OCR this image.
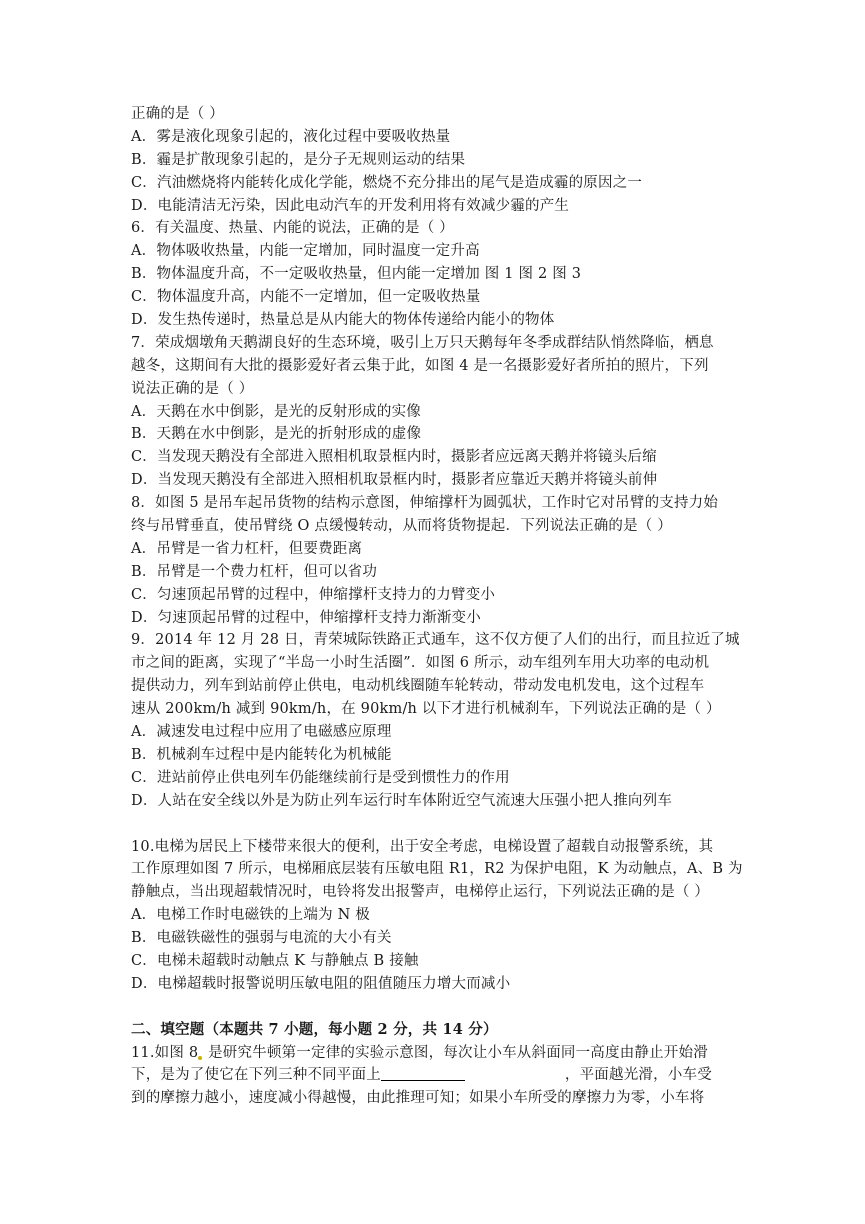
正确的是（ ）
A．雾是液化现象引起的，液化过程中要吸收热量
B．霾是扩散现象引起的，是分子无规则运动的结果
C．汽油燃烧将内能转化成化学能，燃烧不充分排出的尾气是造成霾的原因之一
D．电能清洁无污染，因此电动汽车的开发利用将有效减少霾的产生
6．有关温度、热量、内能的说法，正确的是（ ）
A．物体吸收热量，内能一定增加，同时温度一定升高
B．物体温度升高，不一定吸收热量，但内能一定增加 图 1 图 2 图 3
C．物体温度升高，内能不一定增加，但一定吸收热量
D．发生热传递时，热量总是从内能大的物体传递给内能小的物体
7．荣成烟墩角天鹅湖良好的生态环境，吸引上万只天鹅每年冬季成群结队悄然降临，栖息
越冬，这期间有大批的摄影爱好者云集于此，如图 4 是一名摄影爱好者所拍的照片，下列
说法正确的是（ ）
A．天鹅在水中倒影，是光的反射形成的实像
B．天鹅在水中倒影，是光的折射形成的虚像
C．当发现天鹅没有全部进入照相机取景框内时，摄影者应远离天鹅并将镜头后缩
D．当发现天鹅没有全部进入照相机取景框内时，摄影者应靠近天鹅并将镜头前伸
8．如图 5 是吊车起吊货物的结构示意图，伸缩撑杆为圆弧状，工作时它对吊臂的支持力始
终与吊臂垂直，使吊臂绕 O 点缓慢转动，从而将货物提起．下列说法正确的是（ ）
A．吊臂是一省力杠杆，但要费距离
B．吊臂是一个费力杠杆，但可以省功
C．匀速顶起吊臂的过程中，伸缩撑杆支持力的力臂变小
D．匀速顶起吊臂的过程中，伸缩撑杆支持力渐渐变小
9．2014 年 12 月 28 日，青荣城际铁路正式通车，这不仅方便了人们的出行，而且拉近了城
市之间的距离，实现了“半岛一小时生活圈”．如图 6 所示，动车组列车用大功率的电动机
提供动力，列车到站前停止供电，电动机线圈随车轮转动，带动发电机发电，这个过程车
速从 200km/h 减到 90km/h，在 90km/h 以下才进行机械刹车，下列说法正确的是（ ）
A．减速发电过程中应用了电磁感应原理
B．机械刹车过程中是内能转化为机械能
C．进站前停止供电列车仍能继续前行是受到惯性力的作用
D．人站在安全线以外是为防止列车运行时车体附近空气流速大压强小把人推向列车
10.电梯为居民上下楼带来很大的便利，出于安全考虑，电梯设置了超载自动报警系统，其
工作原理如图 7 所示，电梯厢底层装有压敏电阻 R1，R2 为保护电阻，K 为动触点，A、B 为
静触点，当出现超载情况时，电铃将发出报警声，电梯停止运行，下列说法正确的是（ ）
A．电梯工作时电磁铁的上端为 N 极
B．电磁铁磁性的强弱与电流的大小有关
C．电梯未超载时动触点 K 与静触点 B 接触
D．电梯超载时报警说明压敏电阻的阻值随压力增大而减小
二、填空题（本题共 7 小题，每小题 2 分，共 14 分）
11.如图 8 是研究牛顿第一定律的实验示意图，每次让小车从斜面同一高度由静止开始滑
下，是为了使它在下列三种不同平面上	，平面越光滑，小车受
到的摩擦力越小，速度减小得越慢，由此推理可知；如果小车所受的摩擦力为零，小车将
